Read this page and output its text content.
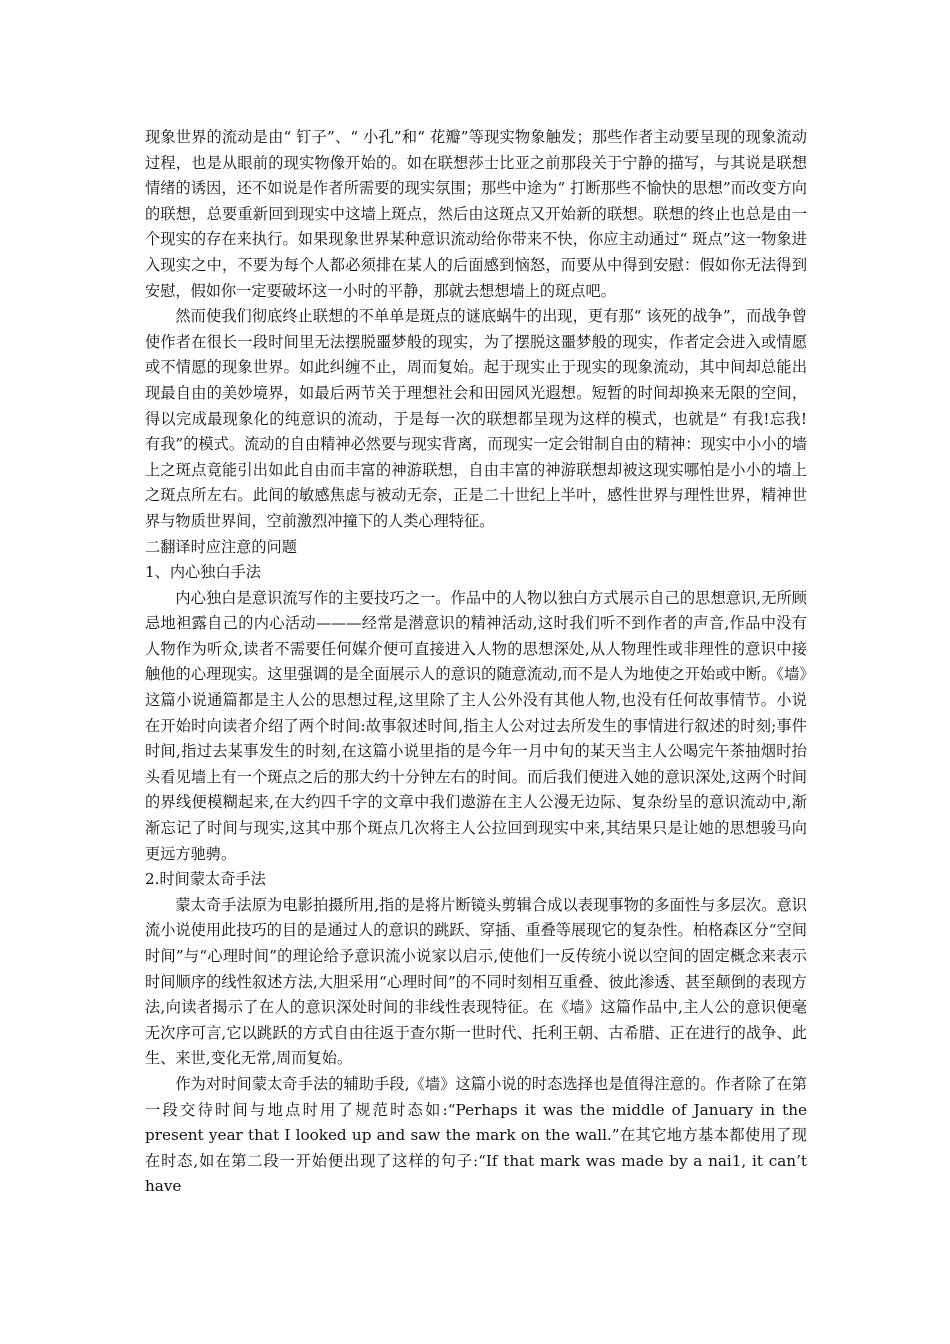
现象世界的流动是由“ 钉子”、“ 小孔”和“ 花瓣”等现实物象触发；那些作者主动要呈现的现象流动过程，也是从眼前的现实物像开始的。如在联想莎士比亚之前那段关于宁静的描写，与其说是联想情绪的诱因，还不如说是作者所需要的现实氛围；那些中途为“ 打断那些不愉快的思想”而改变方向的联想，总要重新回到现实中这墙上斑点，然后由这斑点又开始新的联想。联想的终止也总是由一个现实的存在来执行。如果现象世界某种意识流动给你带来不快，你应主动通过“ 斑点”这一物象进入现实之中，不要为每个人都必须排在某人的后面感到恼怒，而要从中得到安慰：假如你无法得到安慰，假如你一定要破坏这一小时的平静，那就去想想墙上的斑点吧。

然而使我们彻底终止联想的不单单是斑点的谜底蜗牛的出现，更有那“ 该死的战争”，而战争曾使作者在很长一段时间里无法摆脱噩梦般的现实，为了摆脱这噩梦般的现实，作者定会进入或情愿或不情愿的现象世界。如此纠缠不止，周而复始。起于现实止于现实的现象流动，其中间却总能出现最自由的美妙境界，如最后两节关于理想社会和田园风光遐想。短暂的时间却换来无限的空间，得以完成最现象化的纯意识的流动，于是每一次的联想都呈现为这样的模式，也就是“ 有我!忘我!有我”的模式。流动的自由精神必然要与现实背离，而现实一定会钳制自由的精神：现实中小小的墙上之斑点竟能引出如此自由而丰富的神游联想，自由丰富的神游联想却被这现实哪怕是小小的墙上之斑点所左右。此间的敏感焦虑与被动无奈，正是二十世纪上半叶，感性世界与理性世界，精神世界与物质世界间，空前激烈冲撞下的人类心理特征。

二翻译时应注意的问题

1、内心独白手法

内心独白是意识流写作的主要技巧之一。作品中的人物以独白方式展示自己的思想意识,无所顾忌地袒露自己的内心活动———经常是潜意识的精神活动,这时我们听不到作者的声音,作品中没有人物作为听众,读者不需要任何媒介便可直接进入人物的思想深处,从人物理性或非理性的意识中接触他的心理现实。这里强调的是全面展示人的意识的随意流动,而不是人为地使之开始或中断。《墙》这篇小说通篇都是主人公的思想过程,这里除了主人公外没有其他人物,也没有任何故事情节。小说在开始时向读者介绍了两个时间:故事叙述时间,指主人公对过去所发生的事情进行叙述的时刻;事件时间,指过去某事发生的时刻,在这篇小说里指的是今年一月中旬的某天当主人公喝完午茶抽烟时抬头看见墙上有一个斑点之后的那大约十分钟左右的时间。而后我们便进入她的意识深处,这两个时间的界线便模糊起来,在大约四千字的文章中我们遨游在主人公漫无边际、复杂纷呈的意识流动中,渐渐忘记了时间与现实,这其中那个斑点几次将主人公拉回到现实中来,其结果只是让她的思想骏马向更远方驰骋。

2.时间蒙太奇手法

蒙太奇手法原为电影拍摄所用,指的是将片断镜头剪辑合成以表现事物的多面性与多层次。意识流小说使用此技巧的目的是通过人的意识的跳跃、穿插、重叠等展现它的复杂性。柏格森区分“空间时间”与“心理时间”的理论给予意识流小说家以启示,使他们一反传统小说以空间的固定概念来表示时间顺序的线性叙述方法,大胆采用“心理时间”的不同时刻相互重叠、彼此渗透、甚至颠倒的表现方法,向读者揭示了在人的意识深处时间的非线性表现特征。在《墙》这篇作品中,主人公的意识便毫无次序可言,它以跳跃的方式自由往返于查尔斯一世时代、托利王朝、古希腊、正在进行的战争、此生、来世,变化无常,周而复始。

作为对时间蒙太奇手法的辅助手段,《墙》这篇小说的时态选择也是值得注意的。作者除了在第一段交待时间与地点时用了规范时态如:“Perhaps it was the middle of January in the present year that I looked up and saw the mark on the wall.”在其它地方基本都使用了现在时态,如在第二段一开始便出现了这样的句子:“If that mark was made by a nai1, it can’t have
